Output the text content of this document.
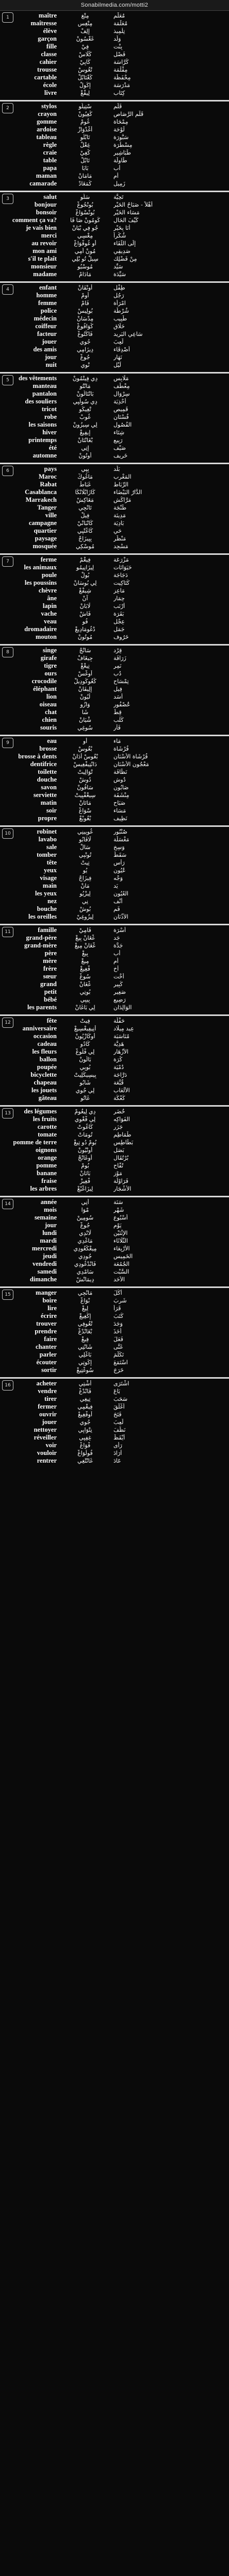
Sonabilmedia.com/motti2
1	maître	مِتْغ	مُعَلِّم
maîtresse	مِتْغِس	مُعَلِّمَة
élève	إِلِفْ	تِلْمِيذ
garçon	غَغْسُونْ	وَلَد
fille	فِيْ	بِنْت
classe	كْلَاسْ	فَصْل
cahier	كَايِيْ	كُرَّاسَة
trousse	تْغُوسْ	مِقْلَمَة
cartable	كَغْتَابْلْ	مِحْفَظَة
école	إِكُولْ	مَدْرَسَة
livre	لِيفْغْ	كِتَاب
2	stylos	سْتِيلُو	قَلَم
crayon	كْغِيُونْ	قَلَم الرَّصَاص
gomme	غُومْ	مِمْحَاة
ardoise	أَغْدْوَازْ	لَوْحَة
tableau	تَابْلُو	سَبُّورَة
règle	غِغْلْ	مِسْطَرَة
craie	كْغِيْ	طَبَاشِير
table	تَابْلْ	طَاوِلَة
papa	بَابَا	أَب
maman	مَامَانْ	أُم
camarade	كَمَغَادْ	زَمِيل
3	salut	سَلُو	تَحِيَّة
bonjour	بُونْجُوغْ	أَهْلاً - صَبَاحُ الخَيْر
bonsoir	بُونْسْوَاغْ	مَسَاء الخَيْر
comment ça va?	كُومُونْ صَا فَا	كَيْفَ الحَال
je vais bien	جُو فِي بْيَانْ	أَنَا بِخَيْر
merci	مِغْسِي	شُكْراً
au revoir	أُو غُوفْوَاغْ	إِلَى اللِّقَاء
mon ami	مُونْ أَمِي	صَدِيقِي
s'il te plaît	سِيلْ تُو بْلِي	مِنْ فَضْلِك
monsieur	مُوسْيُو	سَيِّد
madame	مَادَامْ	سَيِّدَة
4	enfant	أُونْفَانْ	طِفْل
homme	أُومْ	رَجُل
femme	فَامْ	امْرَأَة
police	بُولِيسْ	شُرْطَة
médecin	مِدْسَانْ	طَبِيب
coiffeur	كْوَافُوغْ	حَلَّاق
facteur	فَاكْتُوغْ	سَاعِي البَرِيد
jouer	جُوِي	لَعِبَ
des amis	دِيزَامِي	أَصْدِقَاء
jour	جُوغْ	نَهَار
nuit	نْوِي	لَيْل
5	des vêtements	دِي فِيتْمُونْ	مَلَابِس
manteau	مَانْتُو	مِعْطَف
pantalon	بَانْتَالُونْ	سِرْوَال
des souliers	دِي سُولْيِي	أَحْذِيَة
tricot	تْغِيكُو	قَمِيص
robe	غُوبْ	فُسْتَان
les saisons	لِي سِيزُونْ	الفُصُول
hiver	إِيفِيغْ	شِتَاء
printemps	بْغَانْتَانْ	رَبِيع
été	إِتِي	صَيْف
automne	أُوتُونْ	خَرِيف
6	pays	بِيِي	بَلَد
Maroc	مَاغُوكْ	المَغْرِب
Rabat	غَبَاطْ	الرِّبَاط
Casablanca	كَازَابْلَانْكَا	الدَّارُ البَيْضَاء
Marrakech	مَغَاكِشْ	مَرَّاكُش
Tanger	تَانْجِي	طَنْجَة
ville	فِيلْ	مَدِينَة
campagne	كَانْبَانْيْ	بَادِيَة
quartier	كَاغْتْيِي	حَي
paysage	بِيِيزَاجْ	مَنْظَر
mosquée	مُوسْكِي	مَسْجِد
7	ferme	فِيغْمْ	مَزْرَعَة
les animaux	لِيزَانِيمُو	حَيَوَانَات
poule	بُولْ	دَجَاجَة
les poussins	لِي بُوسَانْ	كَتَاكِيت
chèvre	شِيفْغْ	مَاعِز
âne	آنْ	حِمَار
lapin	لَابَانْ	أَرْنَب
vache	فَاشْ	بَقَرَة
veau	فُو	عِجْل
dromadaire	دْغُومَادِيغْ	جَمَل
mouton	مُوتُونْ	خَرُوف
8	singe	سَانْجْ	قِرْد
girafe	جِيغَافْ	زَرَافَة
tigre	تِيغْغْ	نَمِر
ours	أُوغْسْ	دُب
crocodile	كْغُوكُودِيلْ	تِمْسَاح
éléphant	إِلِيفَانْ	فِيل
lion	لْيُونْ	أَسَد
oiseau	وَازُو	عُصْفُور
chat	شَا	قِطّ
chien	شْيَانْ	كَلْب
souris	سُوغِي	فَأْر
9	eau	أُو	مَاء
brosse	بْغُوسْ	فُرْشَاة
brosse à dents	بْغُوسْ أَدَانْ	فُرْشَاة الأَسْنَان
dentifrice	دَانْتِيفْغِيسْ	مَعْجُون الأَسْنَان
toilette	تْوَالِيتْ	نَظَافَة
douche	دُوشْ	دُوش
savon	سَافُونْ	صَابُون
serviette	سِيغْفْيِيتْ	مِنْشَفَة
matin	مَاتَانْ	صَبَاح
soir	سْوَاغْ	مَسَاء
propre	بْغُوبْغْ	نَظِيف
10	robinet	غُوبِينِي	صُنْبُور
lavabo	لَافَابُو	مَغْسَلَة
sale	سَالْ	وَسِخ
tomber	تُونْبِي	سَقَطَ
tête	تِيتْ	رَأْس
yeux	يُو	عُيُون
visage	فِيزَاجْ	وَجْه
main	مَانْ	يَد
les yeux	لِيزْيُو	العُيُون
nez	نِي	أَنْف
bouche	بُوشْ	فَم
les oreilles	لِيزُوغِيْ	الأُذُنَان
11	famille	فَامِيْ	أُسْرَة
grand-père	غْغَانْ بِيغْ	جَد
grand-mère	غْغَانْ مِيغْ	جَدَّة
père	بِيغْ	أَب
mère	مِيغْ	أُم
frère	فْغِيغْ	أَخ
sœur	سُوغْ	أُخْت
grand	غْغَانْ	كَبِير
petit	بُوتِي	صَغِير
bébé	بِيبِي	رَضِيع
les parents	لِي بَاغَانْ	الوَالِدَان
12	fête	فِيتْ	حَفْلَة
anniversaire	أَنِيفِيغْسِيغْ	عِيد مِيلَاد
occasion	أُوكَازْيُونْ	مُنَاسَبَة
cadeau	كَادُو	هَدِيَّة
les fleurs	لِي فْلُوغْ	الأَزْهَار
ballon	بَالُونْ	كُرَة
poupée	بُوبِي	دُمْيَة
bicyclette	بِيسِيكْلِيتْ	دَرَّاجَة
chapeau	شَابُو	قُبَّعَة
les jouets	لِي جُوِي	الأَلْعَاب
gâteau	غَاتُو	كَعْكَة
13	des légumes	دِي لِيغُومْ	خُضَر
les fruits	لِي فْغْوِي	الفَوَاكِه
carotte	كَاغُوتْ	جَزَر
tomate	تُومَاتْ	طَمَاطِم
pomme de terre	بُومْ دُو تِيغْ	بَطَاطِس
oignons	أُونْيُونْ	بَصَل
orange	أُوغَانْجْ	بُرْتُقَال
pomme	بُومْ	تُفَّاح
banane	بَانَانْ	مَوْز
fraise	فْغِيزْ	فَرَاوْلَة
les arbres	لِيزَاغْبْغْ	الأَشْجَار
14	année	أَنِي	سَنَة
mois	مْوَا	شَهْر
semaine	سُومِينْ	أُسْبُوع
jour	جُوغْ	يَوْم
lundi	لَانْدِي	الإِثْنَيْن
mardi	مَاغْدِي	الثُّلَاثَاء
mercredi	مِيغْكْغُودِي	الأَرْبِعَاء
jeudi	جُودِي	الخَمِيس
vendredi	فَانْدْغُودِي	الجُمُعَة
samedi	سَامْدِي	السَّبْت
dimanche	دِيمَانْشْ	الأَحَد
15	manger	مَانْجِي	أَكَلَ
boire	بْوَاغْ	شَرِبَ
lire	لِيغْ	قَرَأَ
écrire	إِكْغِيغْ	كَتَبَ
trouver	تْغُوفِي	وَجَدَ
prendre	بْغَانْدْغْ	أَخَذَ
faire	فِيغْ	فَعَلَ
chanter	شَانْتِي	غَنَّى
parler	بَاغْلِي	تَكَلَّمَ
écouter	إِكُوتِي	اسْتَمَعَ
sortir	سُوغْتِيغْ	خَرَجَ
16	acheter	أَشْتِي	اشْتَرَى
vendre	فَانْدْغْ	بَاعَ
tirer	تِيغِي	سَحَبَ
fermer	فِيغْمِي	أَغْلَقَ
ouvrir	أُوفْغِيغْ	فَتَحَ
jouer	جُوِي	لَعِبَ
nettoyer	نِتْوَايِي	نَظَّفَ
réveiller	غِفِيِي	أَيْقَظَ
voir	فْوَاغْ	رَأَى
vouloir	فُولْوَاغْ	أَرَادَ
rentrer	غَانْتْغِي	عَادَ
